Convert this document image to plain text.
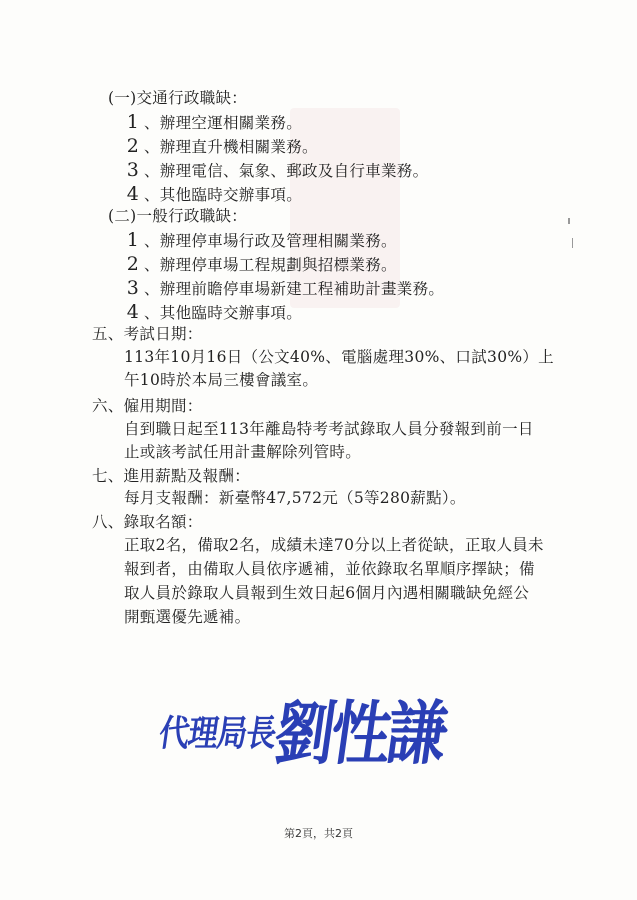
(一)交通行政職缺：
1 、辦理空運相關業務。
2 、辦理直升機相關業務。
3 、辦理電信、氣象、郵政及自行車業務。
4 、其他臨時交辦事項。
(二)一般行政職缺：
1 、辦理停車場行政及管理相關業務。
2 、辦理停車場工程規劃與招標業務。
3 、辦理前瞻停車場新建工程補助計畫業務。
4 、其他臨時交辦事項。
五、考試日期：
113年10月16日（公文40%、電腦處理30%、口試30%）上
午10時於本局三樓會議室。
六、僱用期間：
自到職日起至113年離島特考考試錄取人員分發報到前一日
止或該考試任用計畫解除列管時。
七、進用薪點及報酬：
每月支報酬：新臺幣47,572元（5等280薪點）。
八、錄取名額：
正取2名，備取2名，成績未達70分以上者從缺，正取人員未
報到者，由備取人員依序遞補，並依錄取名單順序擇缺；備
取人員於錄取人員報到生效日起6個月內遇相關職缺免經公
開甄選優先遞補。
代理局長
劉性謙
第2頁，共2頁
